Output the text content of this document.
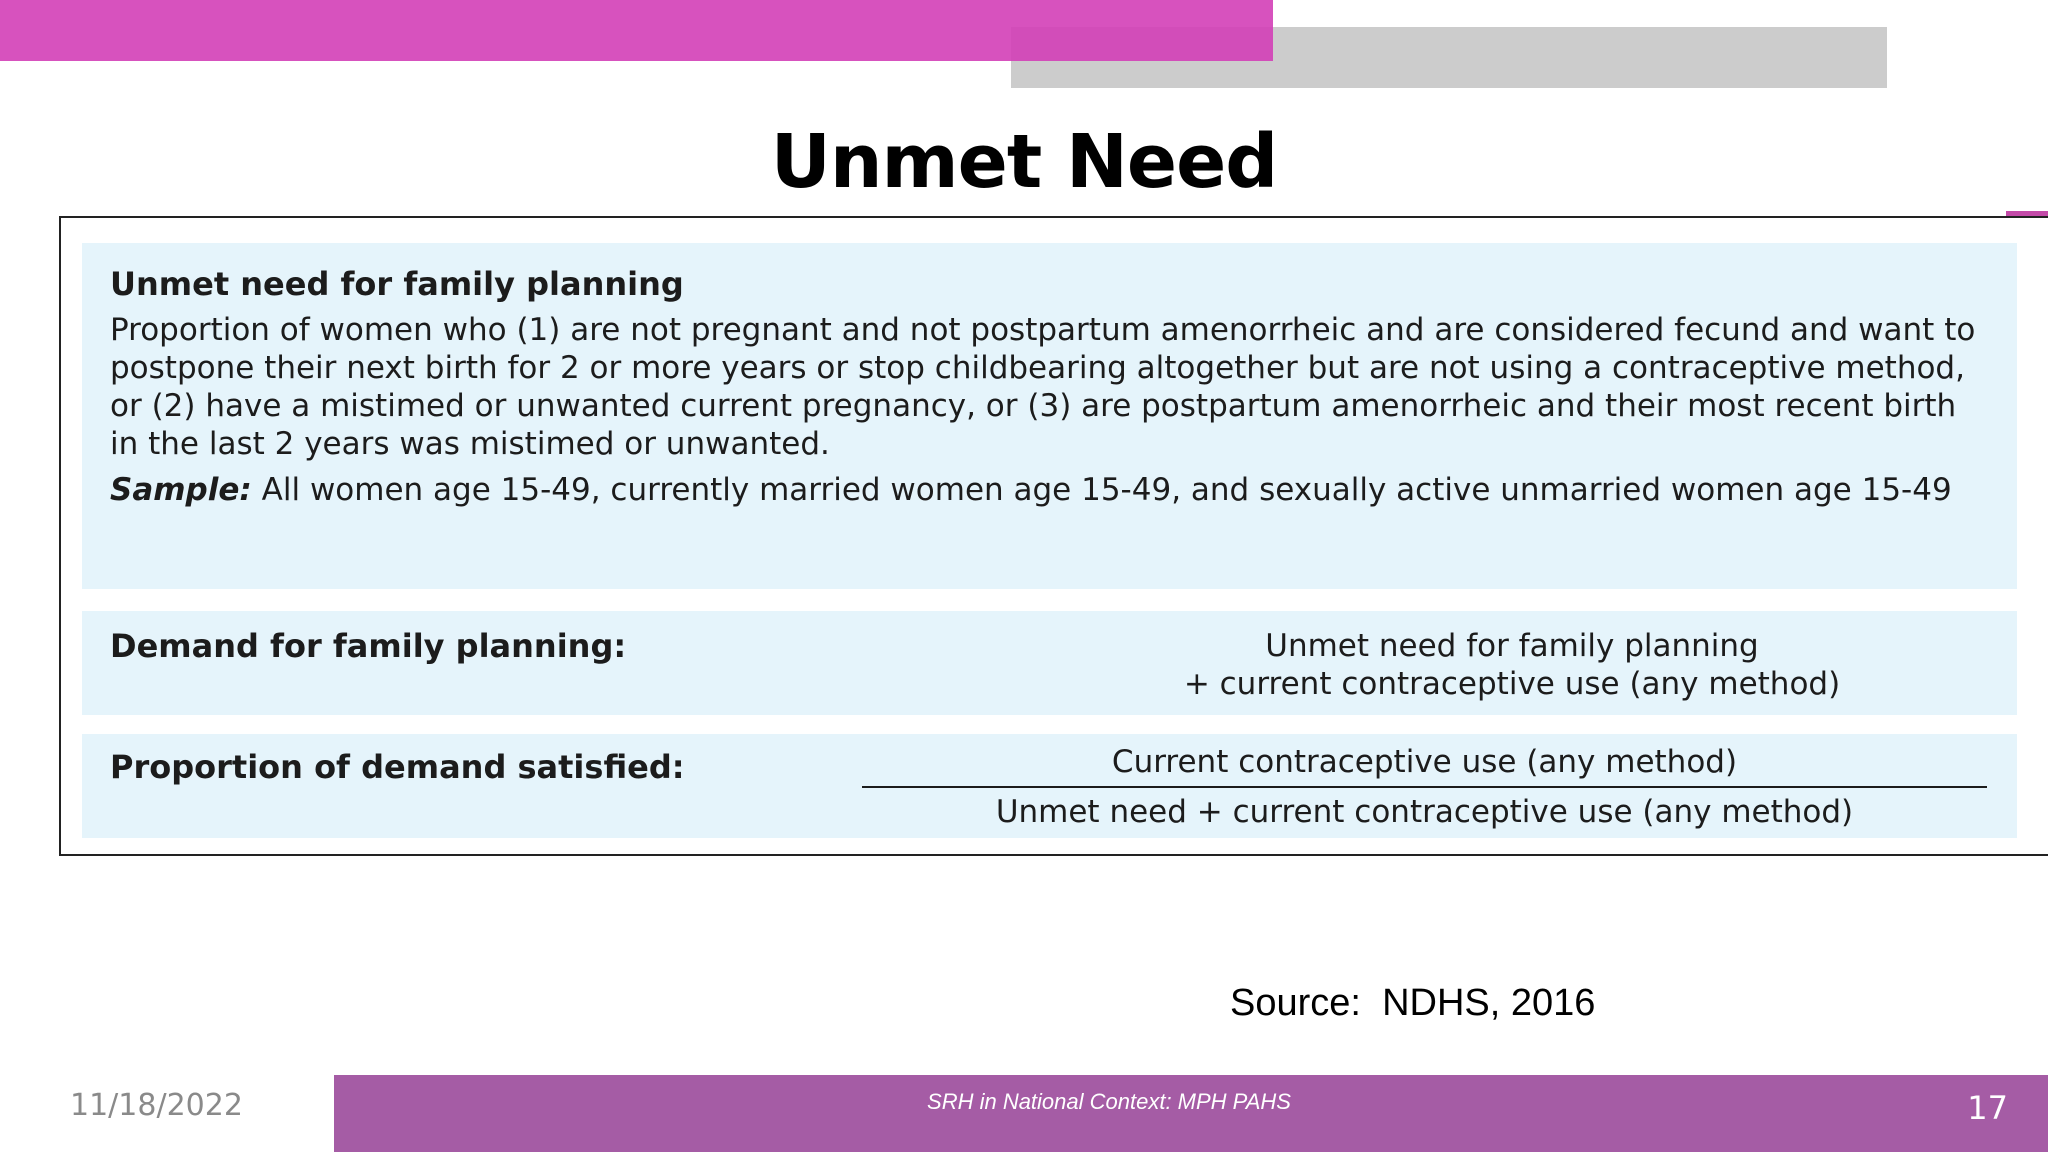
Unmet Need

Unmet need for family planning

Proportion of women who (1) are not pregnant and not postpartum amenorrheic and are considered fecund and want to postpone their next birth for 2 or more years or stop childbearing altogether but are not using a contraceptive method, or (2) have a mistimed or unwanted current pregnancy, or (3) are postpartum amenorrheic and their most recent birth in the last 2 years was mistimed or unwanted.

Sample: All women age 15-49, currently married women age 15-49, and sexually active unmarried women age 15-49

Demand for family planning:	Unmet need for family planning
+ current contraceptive use (any method)
Proportion of demand satisfied:	Current contraceptive use (any method)
Unmet need + current contraceptive use (any method)
Source:  NDHS, 2016
11/18/2022	SRH in National Context: MPH PAHS	17
